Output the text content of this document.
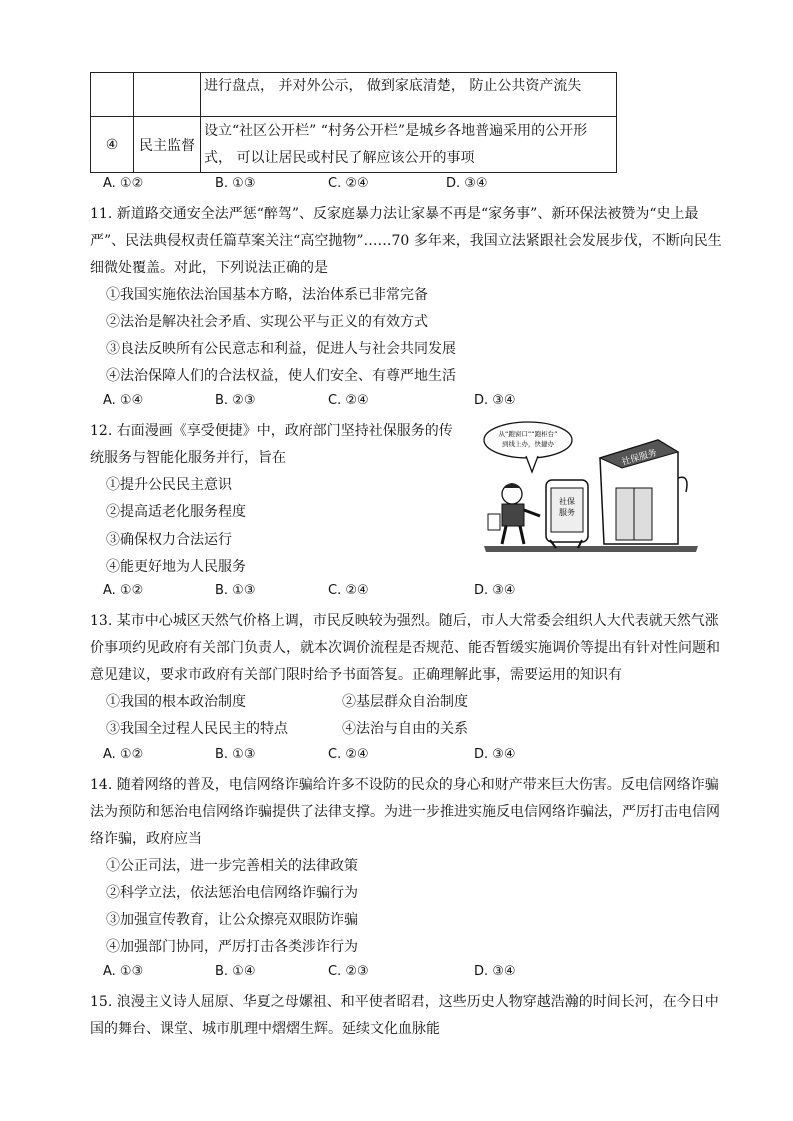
		进行盘点， 并对外公示， 做到家底清楚， 防止公共资产流失
④	民主监督	设立“社区公开栏” “村务公开栏”是城乡各地普遍采用的公开形
式， 可以让居民或村民了解应该公开的事项
A. ①②	B. ①③	C. ②④	D. ③④
11. 新道路交通安全法严惩“醉驾”、反家庭暴力法让家暴不再是“家务事”、新环保法被赞为“史上最
严”、民法典侵权责任篇草案关注“高空抛物”……70 多年来，我国立法紧跟社会发展步伐，不断向民生
细微处覆盖。对此，下列说法正确的是
①我国实施依法治国基本方略，法治体系已非常完备
②法治是解决社会矛盾、实现公平与正义的有效方式
③良法反映所有公民意志和利益，促进人与社会共同发展
④法治保障人们的合法权益，使人们安全、有尊严地生活
A. ①④	B. ②③	C. ②④	D. ③④
12. 右面漫画《享受便捷》中，政府部门坚持社保服务的传
统服务与智能化服务并行，旨在
①提升公民民主意识
②提高适老化服务程度
③确保权力合法运行
④能更好地为人民服务
A. ①②	B. ①③	C. ②④	D. ③④
从“跑窗口”“跑柜台”
到线上办，快捷办
社保
服务
社保服务
13. 某市中心城区天然气价格上调，市民反映较为强烈。随后，市人大常委会组织人大代表就天然气涨
价事项约见政府有关部门负责人，就本次调价流程是否规范、能否暂缓实施调价等提出有针对性问题和
意见建议，要求市政府有关部门限时给予书面答复。正确理解此事，需要运用的知识有
①我国的根本政治制度	②基层群众自治制度
③我国全过程人民民主的特点	④法治与自由的关系
A. ①②	B. ①③	C. ②④	D. ③④
14. 随着网络的普及，电信网络诈骗给许多不设防的民众的身心和财产带来巨大伤害。反电信网络诈骗
法为预防和惩治电信网络诈骗提供了法律支撑。为进一步推进实施反电信网络诈骗法，严厉打击电信网
络诈骗，政府应当
①公正司法，进一步完善相关的法律政策
②科学立法，依法惩治电信网络诈骗行为
③加强宣传教育，让公众擦亮双眼防诈骗
④加强部门协同，严厉打击各类涉诈行为
A. ①③	B. ①④	C. ②③	D. ③④
15. 浪漫主义诗人屈原、华夏之母嫘祖、和平使者昭君，这些历史人物穿越浩瀚的时间长河，在今日中
国的舞台、课堂、城市肌理中熠熠生辉。延续文化血脉能
